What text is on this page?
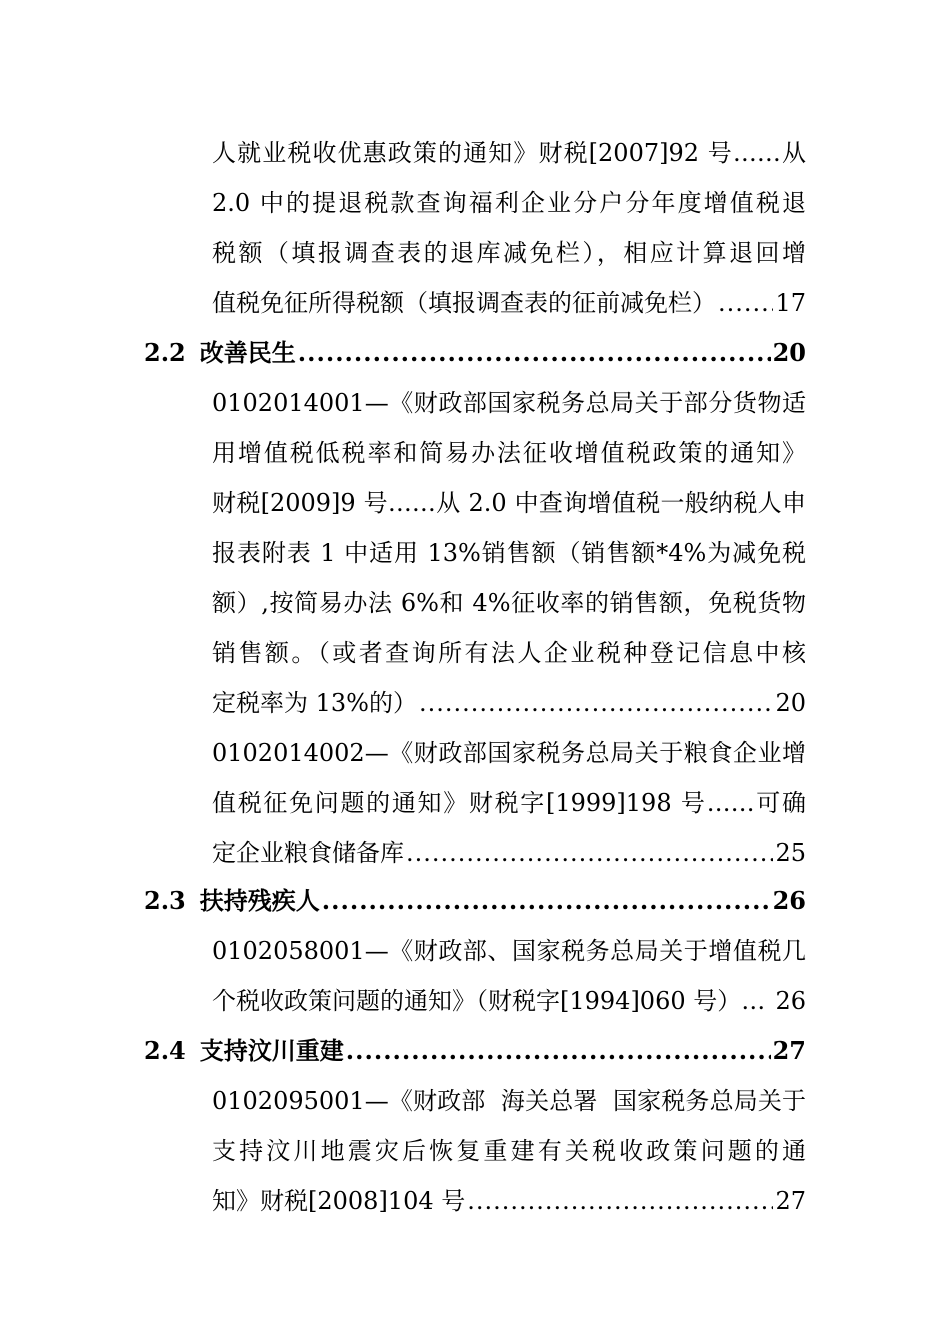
人就业税收优惠政策的通知》财税[2007]92 号……从
2.0 中的提退税款查询福利企业分户分年度增值税退
税额（填报调查表的退库减免栏），相应计算退回增
值税免征所得税额（填报调查表的征前减免栏） ..... 17
2.2 改善民生 .....	20
0102014001—《财政部国家税务总局关于部分货物适
用增值税低税率和简易办法征收增值税政策的通知》
财税[2009]9 号……从 2.0 中查询增值税一般纳税人申
报表附表 1 中适用 13%销售额（销售额*4%为减免税
额）,按简易办法 6%和 4%征收率的销售额，免税货物
销售额。（或者查询所有法人企业税种登记信息中核
定税率为 13%的） .....	20
0102014002—《财政部国家税务总局关于粮食企业增
值税征免问题的通知》财税字[1999]198 号……可确
定企业粮食储备库 .....	25
2.3 扶持残疾人 .....	26
0102058001—《财政部、国家税务总局关于增值税几
个税收政策问题的通知》（财税字[1994]060 号）… 26
2.4 支持汶川重建 .....	27
0102095001—《财政部  海关总署  国家税务总局关于
支持汶川地震灾后恢复重建有关税收政策问题的通
知》财税[2008]104 号 .....	27
